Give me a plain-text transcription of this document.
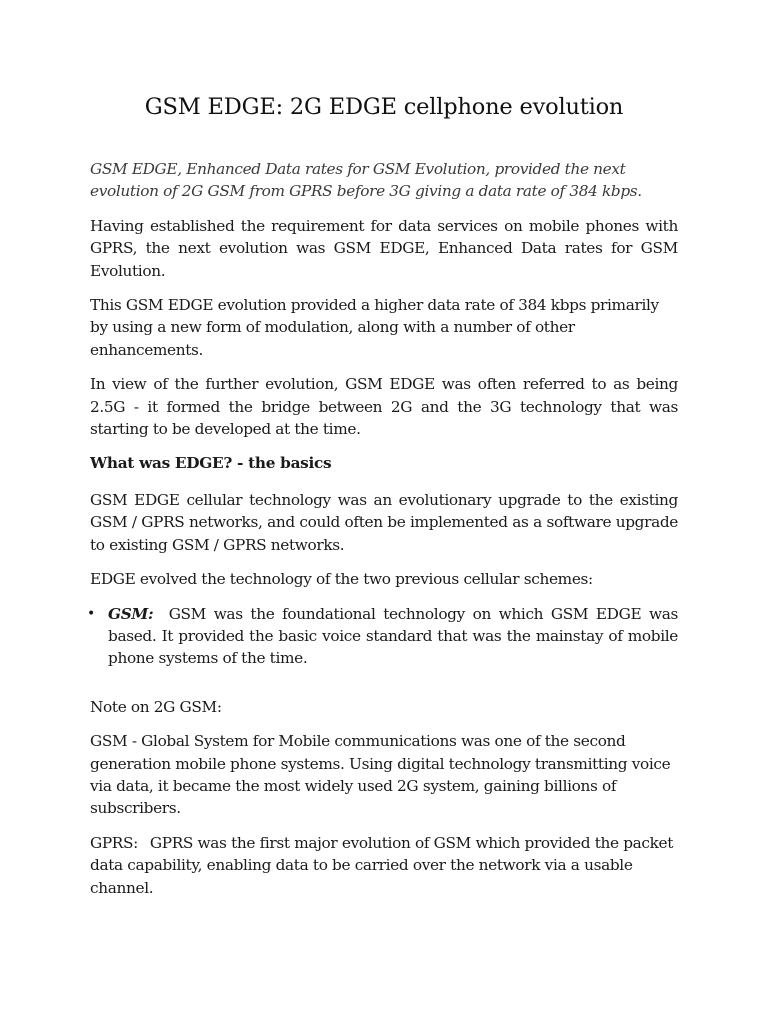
GSM EDGE: 2G EDGE cellphone evolution

GSM EDGE, Enhanced Data rates for GSM Evolution, provided the next evolution of 2G GSM from GPRS before 3G giving a data rate of 384 kbps.

Having established the requirement for data services on mobile phones with GPRS, the next evolution was GSM EDGE, Enhanced Data rates for GSM Evolution.

This GSM EDGE evolution provided a higher data rate of 384 kbps primarily by using a new form of modulation, along with a number of other enhancements.

In view of the further evolution, GSM EDGE was often referred to as being 2.5G - it formed the bridge between 2G and the 3G technology that was starting to be developed at the time.

What was EDGE? - the basics

GSM EDGE cellular technology was an evolutionary upgrade to the existing GSM / GPRS networks, and could often be implemented as a software upgrade to existing GSM / GPRS networks.

EDGE evolved the technology of the two previous cellular schemes:

• GSM: GSM was the foundational technology on which GSM EDGE was based. It provided the basic voice standard that was the mainstay of mobile phone systems of the time.

Note on 2G GSM:

GSM - Global System for Mobile communications was one of the second generation mobile phone systems. Using digital technology transmitting voice via data, it became the most widely used 2G system, gaining billions of subscribers.

GPRS: GPRS was the first major evolution of GSM which provided the packet data capability, enabling data to be carried over the network via a usable channel.
